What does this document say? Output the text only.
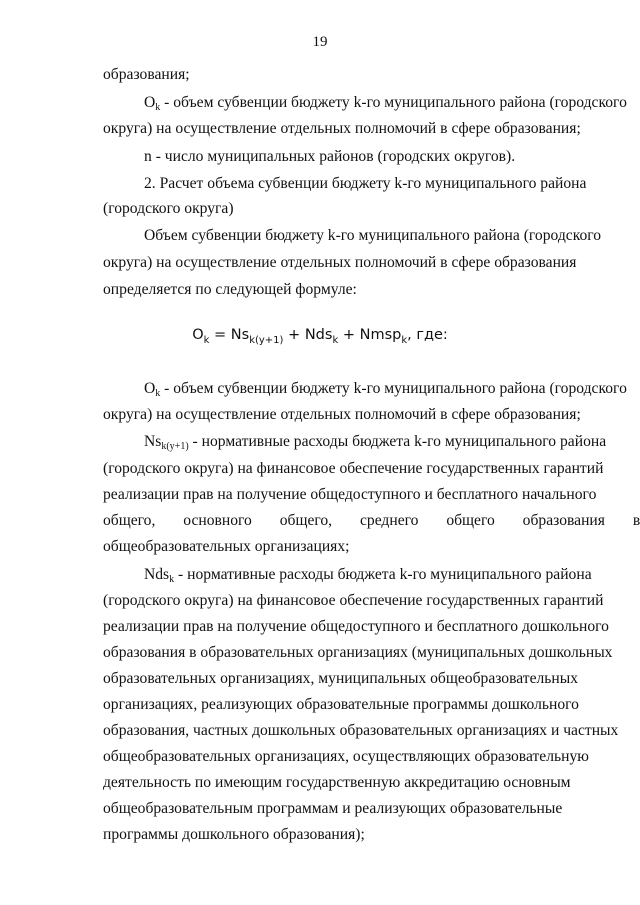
19
образования;
$O_k$ - объем субвенции бюджету k-го муниципального района (городского
округа) на осуществление отдельных полномочий в сфере образования;
n - число муниципальных районов (городских округов).
2. Расчет объема субвенции бюджету k-го муниципального района
(городского округа)
Объем субвенции бюджету k-го муниципального района (городского
округа) на осуществление отдельных полномочий в сфере образования
определяется по следующей формуле:
$O_k = Ns_{k(y+1)} + Nds_k$ + Nmsp$_k$, где:
$O_k$ - объем субвенции бюджету k-го муниципального района (городского
округа) на осуществление отдельных полномочий в сфере образования;
$Ns_{k(y+1)}$ - нормативные расходы бюджета k-го муниципального района
(городского округа) на финансовое обеспечение государственных гарантий
реализации прав на получение общедоступного и бесплатного начального
общего, основного общего, среднего общего образования в
общеобразовательных организациях;
Nds$_k$ - нормативные расходы бюджета k-го муниципального района
(городского округа) на финансовое обеспечение государственных гарантий
реализации прав на получение общедоступного и бесплатного дошкольного
образования в образовательных организациях (муниципальных дошкольных
образовательных организациях, муниципальных общеобразовательных
организациях, реализующих образовательные программы дошкольного
образования, частных дошкольных образовательных организациях и частных
общеобразовательных организациях, осуществляющих образовательную
деятельность по имеющим государственную аккредитацию основным
общеобразовательным программам и реализующих образовательные
программы дошкольного образования);
